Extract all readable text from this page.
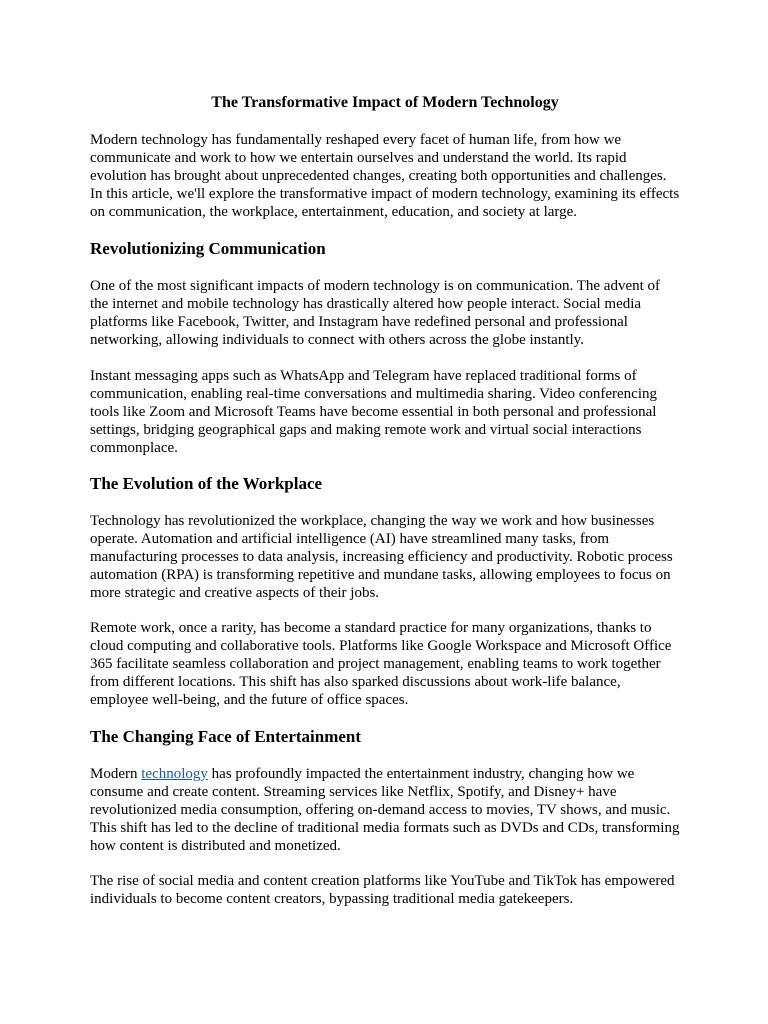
The Transformative Impact of Modern Technology

Modern technology has fundamentally reshaped every facet of human life, from how we communicate and work to how we entertain ourselves and understand the world. Its rapid evolution has brought about unprecedented changes, creating both opportunities and challenges. In this article, we'll explore the transformative impact of modern technology, examining its effects on communication, the workplace, entertainment, education, and society at large.

Revolutionizing Communication

One of the most significant impacts of modern technology is on communication. The advent of the internet and mobile technology has drastically altered how people interact. Social media platforms like Facebook, Twitter, and Instagram have redefined personal and professional networking, allowing individuals to connect with others across the globe instantly.

Instant messaging apps such as WhatsApp and Telegram have replaced traditional forms of communication, enabling real-time conversations and multimedia sharing. Video conferencing tools like Zoom and Microsoft Teams have become essential in both personal and professional settings, bridging geographical gaps and making remote work and virtual social interactions commonplace.

The Evolution of the Workplace

Technology has revolutionized the workplace, changing the way we work and how businesses operate. Automation and artificial intelligence (AI) have streamlined many tasks, from manufacturing processes to data analysis, increasing efficiency and productivity. Robotic process automation (RPA) is transforming repetitive and mundane tasks, allowing employees to focus on more strategic and creative aspects of their jobs.

Remote work, once a rarity, has become a standard practice for many organizations, thanks to cloud computing and collaborative tools. Platforms like Google Workspace and Microsoft Office 365 facilitate seamless collaboration and project management, enabling teams to work together from different locations. This shift has also sparked discussions about work-life balance, employee well-being, and the future of office spaces.

The Changing Face of Entertainment

Modern technology has profoundly impacted the entertainment industry, changing how we consume and create content. Streaming services like Netflix, Spotify, and Disney+ have revolutionized media consumption, offering on-demand access to movies, TV shows, and music. This shift has led to the decline of traditional media formats such as DVDs and CDs, transforming how content is distributed and monetized.

The rise of social media and content creation platforms like YouTube and TikTok has empowered individuals to become content creators, bypassing traditional media gatekeepers.
